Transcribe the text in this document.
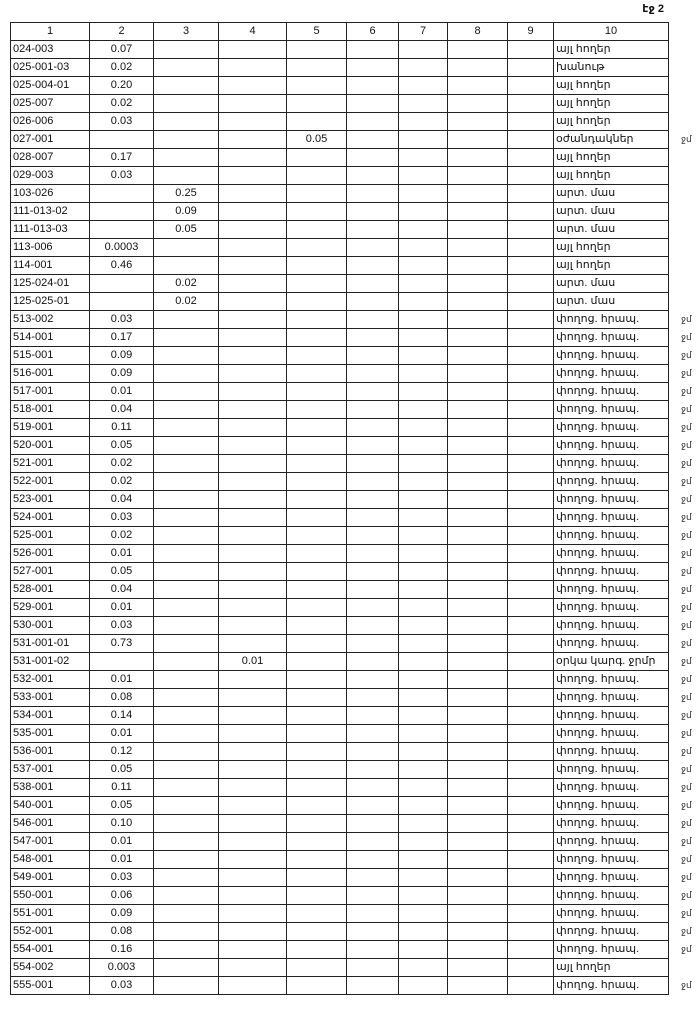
էջ 2
1	2	3	4	5	6	7	8	9	10
024-003	0.07								այլ հողեր
025-001-03	0.02								խանութ
025-004-01	0.20								այլ հողեր
025-007	0.02								այլ հողեր
026-006	0.03								այլ հողեր
027-001				0.05					օժանդակներ
028-007	0.17								այլ հողեր
029-003	0.03								այլ հողեր
103-026		0.25							արտ. մաս
111-013-02		0.09							արտ. մաս
111-013-03		0.05							արտ. մաս
113-006	0.0003								այլ հողեր
114-001	0.46								այլ հողեր
125-024-01		0.02							արտ. մաս
125-025-01		0.02							արտ. մաս
513-002	0.03								փողոց. հրապ.
514-001	0.17								փողոց. հրապ.
515-001	0.09								փողոց. հրապ.
516-001	0.09								փողոց. հրապ.
517-001	0.01								փողոց. հրապ.
518-001	0.04								փողոց. հրապ.
519-001	0.11								փողոց. հրապ.
520-001	0.05								փողոց. հրապ.
521-001	0.02								փողոց. հրապ.
522-001	0.02								փողոց. հրապ.
523-001	0.04								փողոց. հրապ.
524-001	0.03								փողոց. հրապ.
525-001	0.02								փողոց. հրապ.
526-001	0.01								փողոց. հրապ.
527-001	0.05								փողոց. հրապ.
528-001	0.04								փողոց. հրապ.
529-001	0.01								փողոց. հրապ.
530-001	0.03								փողոց. հրապ.
531-001-01	0.73								փողոց. հրապ.
531-001-02			0.01						օրկա կարգ. ջրմր
532-001	0.01								փողոց. հրապ.
533-001	0.08								փողոց. հրապ.
534-001	0.14								փողոց. հրապ.
535-001	0.01								փողոց. հրապ.
536-001	0.12								փողոց. հրապ.
537-001	0.05								փողոց. հրապ.
538-001	0.11								փողոց. հրապ.
540-001	0.05								փողոց. հրապ.
546-001	0.10								փողոց. հրապ.
547-001	0.01								փողոց. հրապ.
548-001	0.01								փողոց. հրապ.
549-001	0.03								փողոց. հրապ.
550-001	0.06								փողոց. հրապ.
551-001	0.09								փողոց. հրապ.
552-001	0.08								փողոց. հրապ.
554-001	0.16								փողոց. հրապ.
554-002	0.003								այլ հողեր
555-001	0.03								փողոց. հրապ.
ջմ
ջմ
ջմ
ջմ
ջմ
ջմ
ջմ
ջմ
ջմ
ջմ
ջմ
ջմ
ջմ
ջմ
ջմ
ջմ
ջմ
ջմ
ջմ
ջմ
ջմ
ջմ
ջմ
ջմ
ջմ
ջմ
ջմ
ջմ
ջմ
ջմ
ջմ
ջմ
ջմ
ջմ
ջմ
ջմ
ջմ
ջմ
